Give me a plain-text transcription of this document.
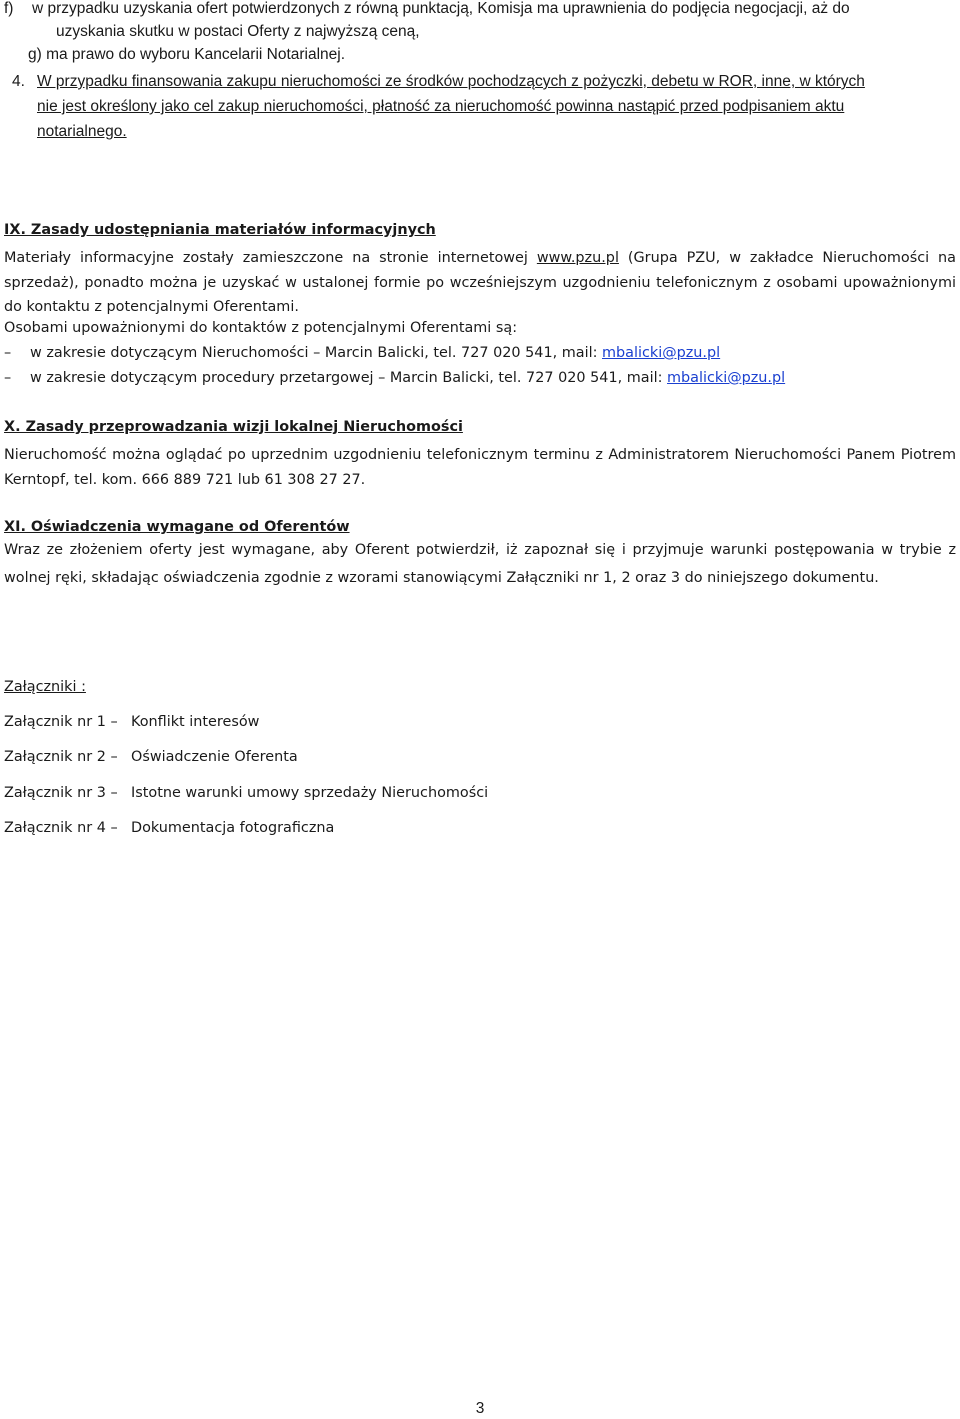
f) w przypadku uzyskania ofert potwierdzonych z równą punktacją, Komisja ma uprawnienia do podjęcia negocjacji, aż do
uzyskania skutku w postaci Oferty z najwyższą ceną,
g) ma prawo do wyboru Kancelarii Notarialnej.
4. W przypadku finansowania zakupu nieruchomości ze środków pochodzących z pożyczki, debetu w ROR, inne, w których
nie jest określony jako cel zakup nieruchomości, płatność za nieruchomość powinna nastąpić przed podpisaniem aktu
notarialnego.
IX. Zasady udostępniania materiałów informacyjnych
Materiały informacyjne zostały zamieszczone na stronie internetowej www.pzu.pl (Grupa PZU, w zakładce Nieruchomości na sprzedaż), ponadto można je uzyskać w ustalonej formie po wcześniejszym uzgodnieniu telefonicznym z osobami upoważnionymi do kontaktu z potencjalnymi Oferentami.
Osobami upoważnionymi do kontaktów z potencjalnymi Oferentami są:
– w zakresie dotyczącym Nieruchomości – Marcin Balicki, tel. 727 020 541, mail: mbalicki@pzu.pl
– w zakresie dotyczącym procedury przetargowej – Marcin Balicki, tel. 727 020 541, mail: mbalicki@pzu.pl
X. Zasady przeprowadzania wizji lokalnej Nieruchomości
Nieruchomość można oglądać po uprzednim uzgodnieniu telefonicznym terminu z Administratorem Nieruchomości Panem Piotrem Kerntopf, tel. kom. 666 889 721 lub 61 308 27 27.
XI. Oświadczenia wymagane od Oferentów
Wraz ze złożeniem oferty jest wymagane, aby Oferent potwierdził, iż zapoznał się i przyjmuje warunki postępowania w trybie z
wolnej ręki, składając oświadczenia zgodnie z wzorami stanowiącymi Załączniki nr 1, 2 oraz 3 do niniejszego dokumentu.
Załączniki :
Załącznik nr 1 – Konflikt interesów
Załącznik nr 2 – Oświadczenie Oferenta
Załącznik nr 3 – Istotne warunki umowy sprzedaży Nieruchomości
Załącznik nr 4 – Dokumentacja fotograficzna
3
